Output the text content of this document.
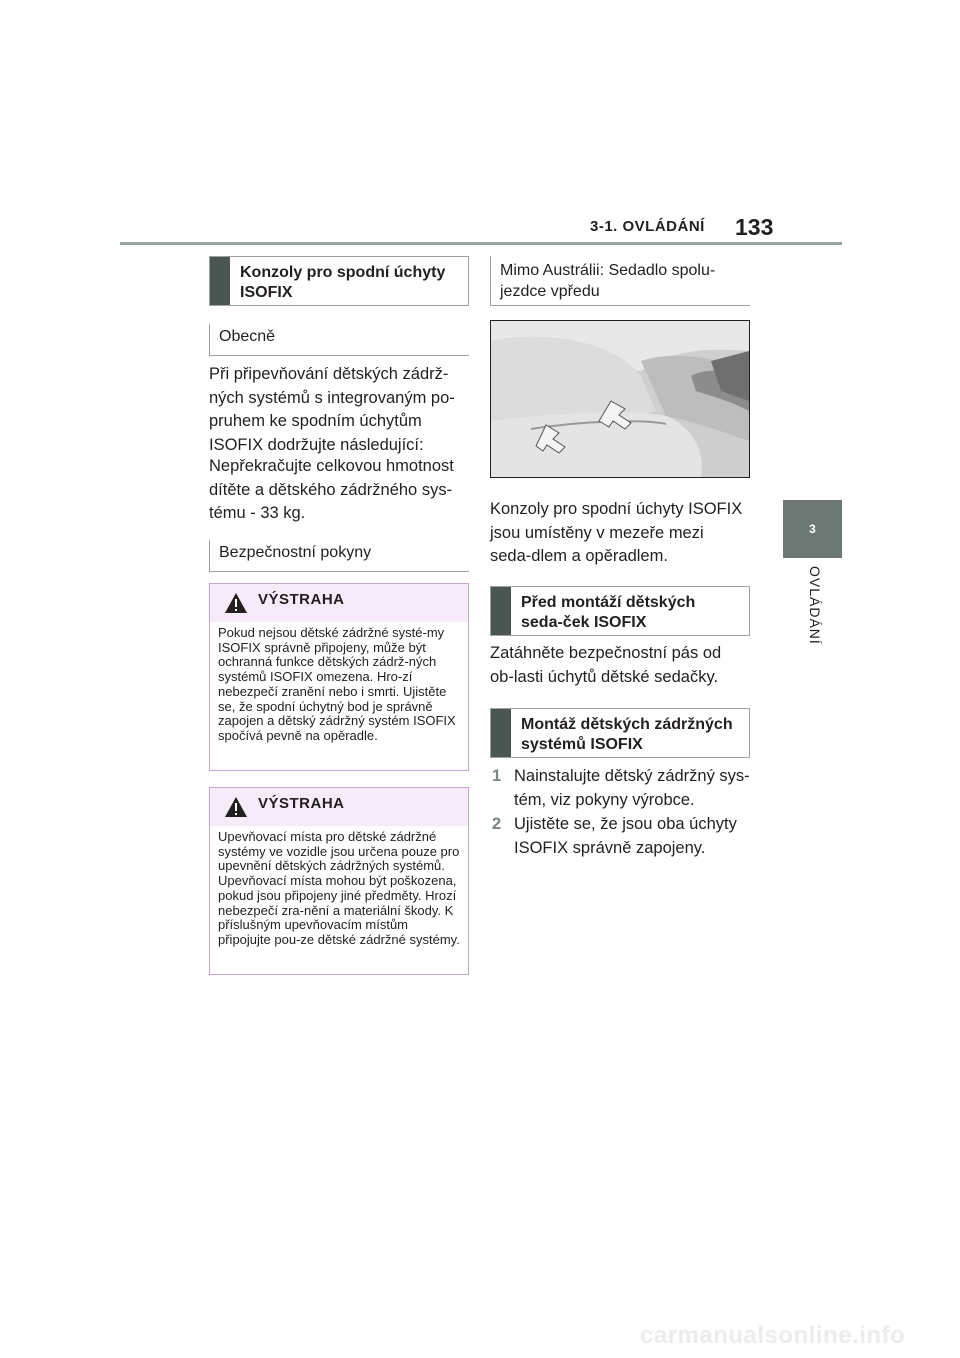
3-1. OVLÁDÁNÍ 133
3
OVLÁDÁNÍ
Konzoly pro spodní úchyty ISOFIX
Obecně
Při připevňování dětských zádrž-ných systémů s integrovaným po-pruhem ke spodním úchytům ISOFIX dodržujte následující:
Nepřekračujte celkovou hmotnost dítěte a dětského zádržného sys-tému - 33 kg.
Bezpečnostní pokyny
VÝSTRAHA
Pokud nejsou dětské zádržné systé-my ISOFIX správně připojeny, může být ochranná funkce dětských zádrž-ných systémů ISOFIX omezena. Hro-zí nebezpečí zranění nebo i smrti. Ujistěte se, že spodní úchytný bod je správně zapojen a dětský zádržný systém ISOFIX spočívá pevně na opěradle.
VÝSTRAHA
Upevňovací místa pro dětské zádržné systémy ve vozidle jsou určena pouze pro upevnění dětských zádržných systémů. Upevňovací místa mohou být poškozena, pokud jsou připojeny jiné předměty. Hrozí nebezpečí zra-nění a materiální škody. K příslušným upevňovacím místům připojujte pou-ze dětské zádržné systémy.
Mimo Austrálii: Sedadlo spolu-jezdce vpředu
Konzoly pro spodní úchyty ISOFIX jsou umístěny v mezeře mezi seda-dlem a opěradlem.
Před montáží dětských seda-ček ISOFIX
Zatáhněte bezpečnostní pás od ob-lasti úchytů dětské sedačky.
Montáž dětských zádržných systémů ISOFIX
1 Nainstalujte dětský zádržný sys-tém, viz pokyny výrobce.
2 Ujistěte se, že jsou oba úchyty ISOFIX správně zapojeny.
carmanualsonline.info
